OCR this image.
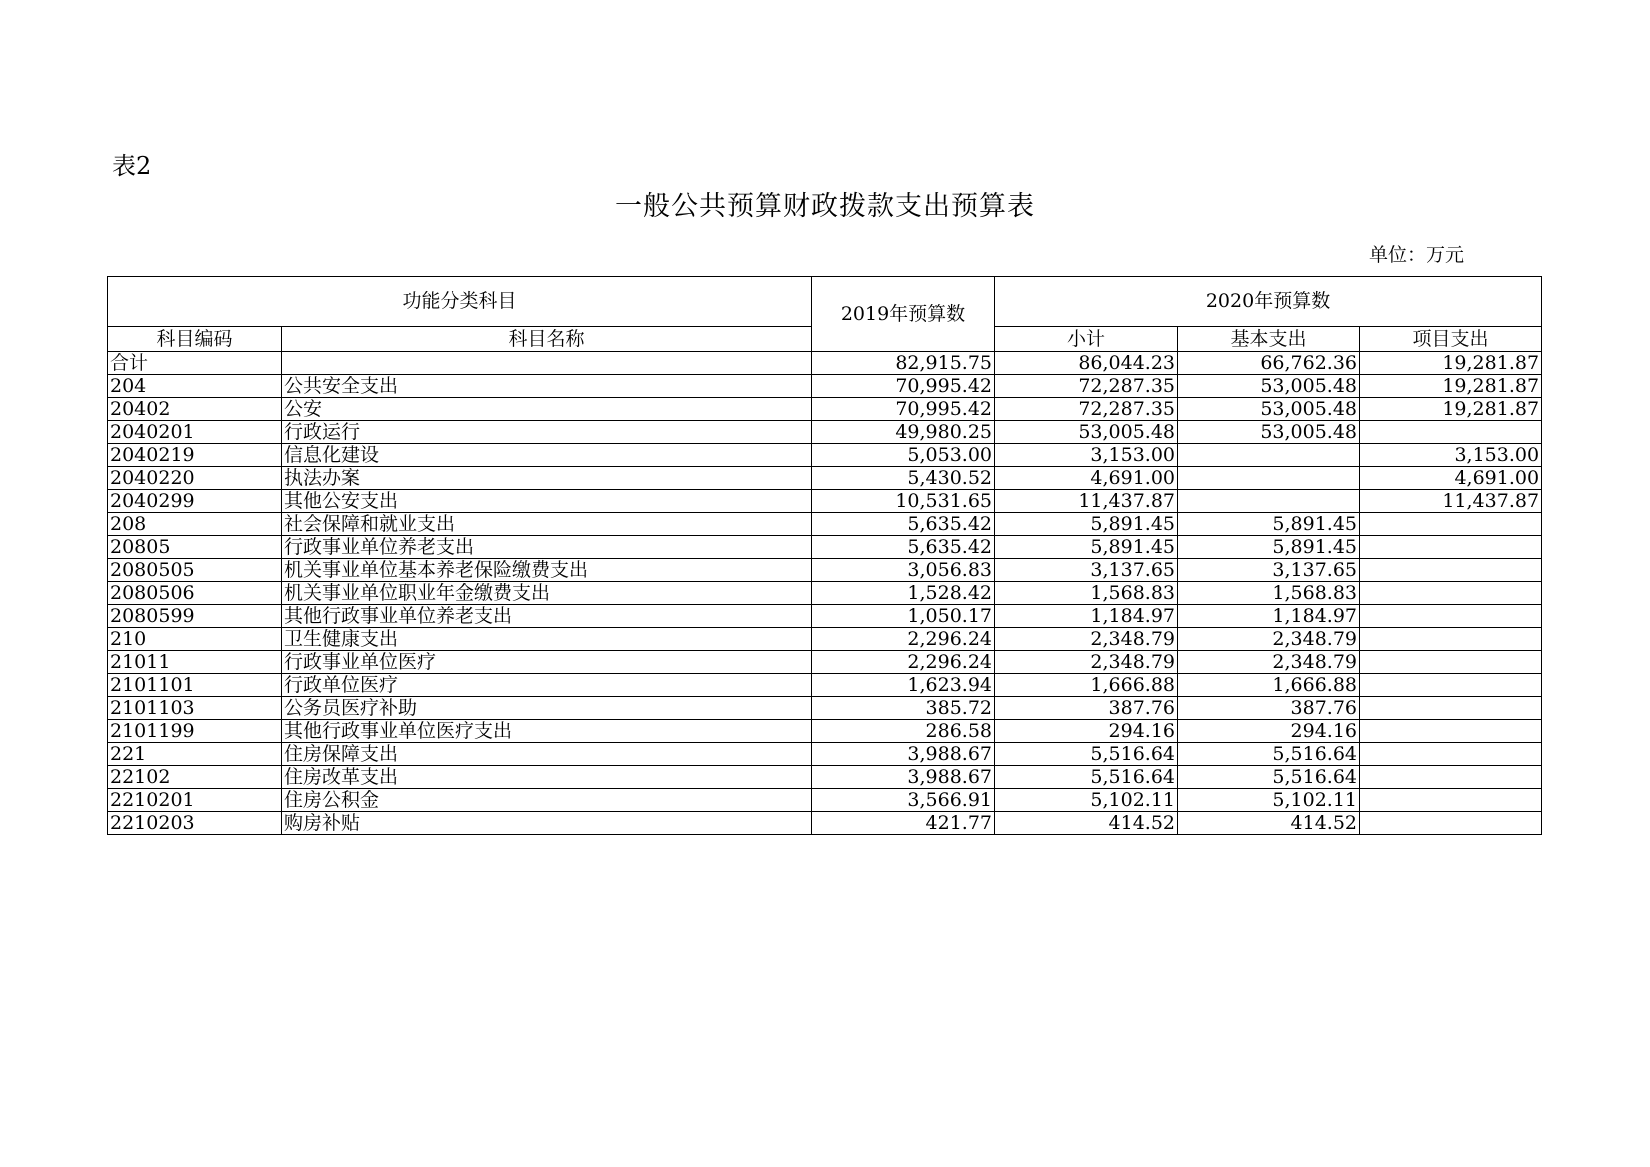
表2
一般公共预算财政拨款支出预算表
单位：万元
功能分类科目		2019年预算数	2020年预算数		
科目编码	科目名称		小计	基本支出	项目支出
合计		82,915.75	86,044.23	66,762.36	19,281.87
204	公共安全支出	70,995.42	72,287.35	53,005.48	19,281.87
20402	公安	70,995.42	72,287.35	53,005.48	19,281.87
2040201	行政运行	49,980.25	53,005.48	53,005.48	
2040219	信息化建设	5,053.00	3,153.00		3,153.00
2040220	执法办案	5,430.52	4,691.00		4,691.00
2040299	其他公安支出	10,531.65	11,437.87		11,437.87
208	社会保障和就业支出	5,635.42	5,891.45	5,891.45	
20805	行政事业单位养老支出	5,635.42	5,891.45	5,891.45	
2080505	机关事业单位基本养老保险缴费支出	3,056.83	3,137.65	3,137.65	
2080506	机关事业单位职业年金缴费支出	1,528.42	1,568.83	1,568.83	
2080599	其他行政事业单位养老支出	1,050.17	1,184.97	1,184.97	
210	卫生健康支出	2,296.24	2,348.79	2,348.79	
21011	行政事业单位医疗	2,296.24	2,348.79	2,348.79	
2101101	行政单位医疗	1,623.94	1,666.88	1,666.88	
2101103	公务员医疗补助	385.72	387.76	387.76	
2101199	其他行政事业单位医疗支出	286.58	294.16	294.16	
221	住房保障支出	3,988.67	5,516.64	5,516.64	
22102	住房改革支出	3,988.67	5,516.64	5,516.64	
2210201	住房公积金	3,566.91	5,102.11	5,102.11	
2210203	购房补贴	421.77	414.52	414.52	
